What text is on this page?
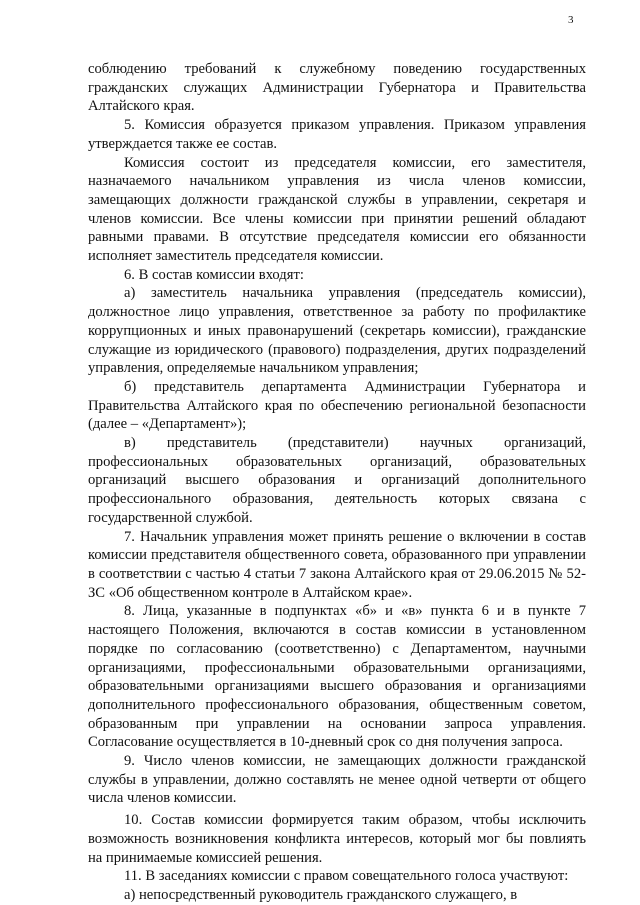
3

соблюдению требований к служебному поведению государственных гражданских служащих Администрации Губернатора и Правительства Алтайского края.

5. Комиссия образуется приказом управления. Приказом управления утверждается также ее состав.

Комиссия состоит из председателя комиссии, его заместителя, назначаемого начальником управления из числа членов комиссии, замещающих должности гражданской службы в управлении, секретаря и членов комиссии. Все члены комиссии при принятии решений обладают равными правами. В отсутствие председателя комиссии его обязанности исполняет заместитель председателя комиссии.

6. В состав комиссии входят:

а) заместитель начальника управления (председатель комиссии), должностное лицо управления, ответственное за работу по профилактике коррупционных и иных правонарушений (секретарь комиссии), гражданские служащие из юридического (правового) подразделения, других подразделений управления, определяемые начальником управления;

б) представитель департамента Администрации Губернатора и Правительства Алтайского края по обеспечению региональной безопасности (далее – «Департамент»);

в) представитель (представители) научных организаций, профессиональных образовательных организаций, образовательных организаций высшего образования и организаций дополнительного профессионального образования, деятельность которых связана с государственной службой.

7. Начальник управления может принять решение о включении в состав комиссии представителя общественного совета, образованного при управлении в соответствии с частью 4 статьи 7 закона Алтайского края от 29.06.2015 № 52-ЗС «Об общественном контроле в Алтайском крае».

8. Лица, указанные в подпунктах «б» и «в» пункта 6 и в пункте 7 настоящего Положения, включаются в состав комиссии в установленном порядке по согласованию (соответственно) с Департаментом, научными организациями, профессиональными образовательными организациями, образовательными организациями высшего образования и организациями дополнительного профессионального образования, общественным советом, образованным при управлении на основании запроса управления. Согласование осуществляется в 10-дневный срок со дня получения запроса.

9. Число членов комиссии, не замещающих должности гражданской службы в управлении, должно составлять не менее одной четверти от общего числа членов комиссии.

10. Состав комиссии формируется таким образом, чтобы исключить возможность возникновения конфликта интересов, который мог бы повлиять на принимаемые комиссией решения.

11. В заседаниях комиссии с правом совещательного голоса участвуют:

а) непосредственный руководитель гражданского служащего, в
